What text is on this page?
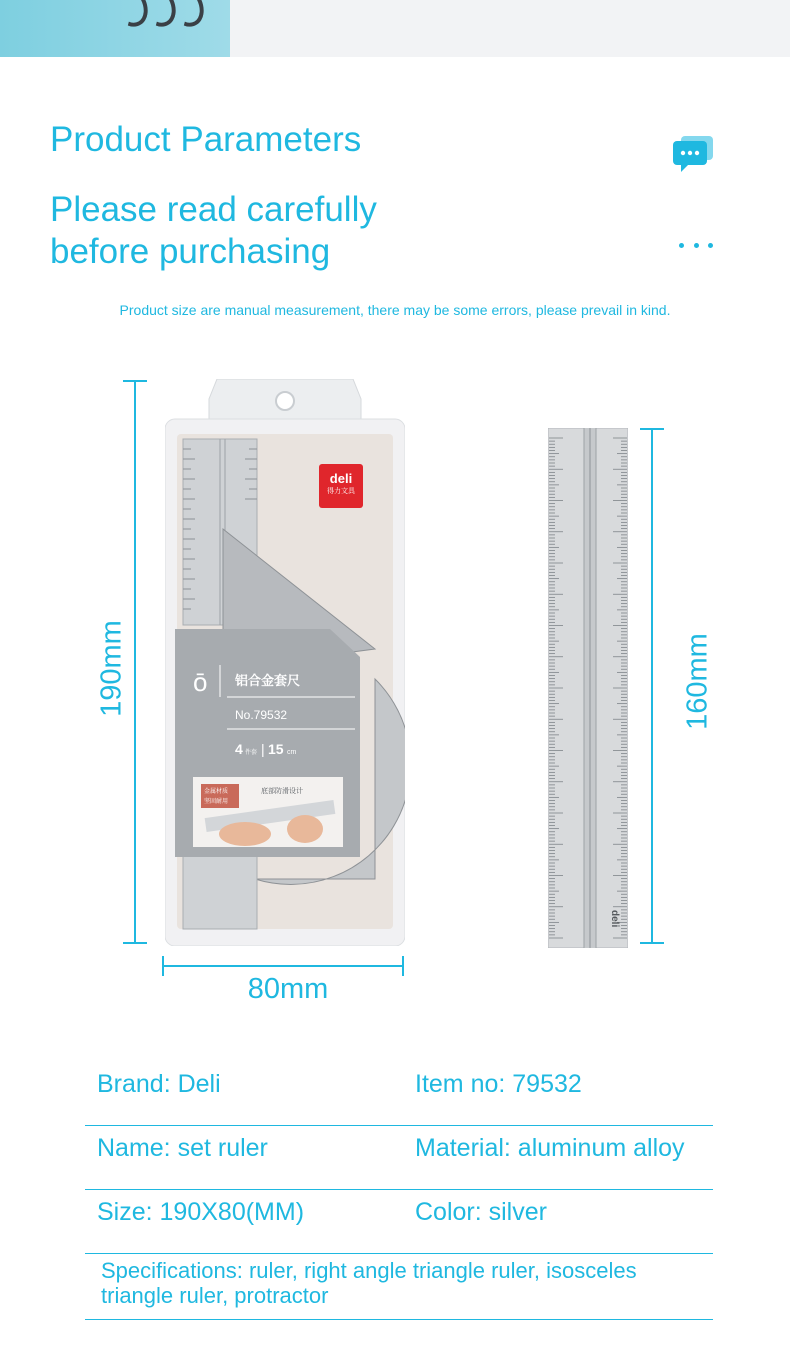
Product Parameters
Please read carefully
before purchasing
Product size are manual measurement, there may be some errors, please prevail in kind.
190mm
80mm
160mm
ō 铝合金套尺
No.79532
4 件套 | 15 cm
金属材质
坚固耐用
底部防滑设计
deli
得力文具
deli
Brand: Deli	Item no: 79532
Name: set ruler	Material: aluminum alloy
Size: 190X80(MM)	Color: silver
Specifications: ruler, right angle triangle ruler, isosceles triangle ruler, protractor
